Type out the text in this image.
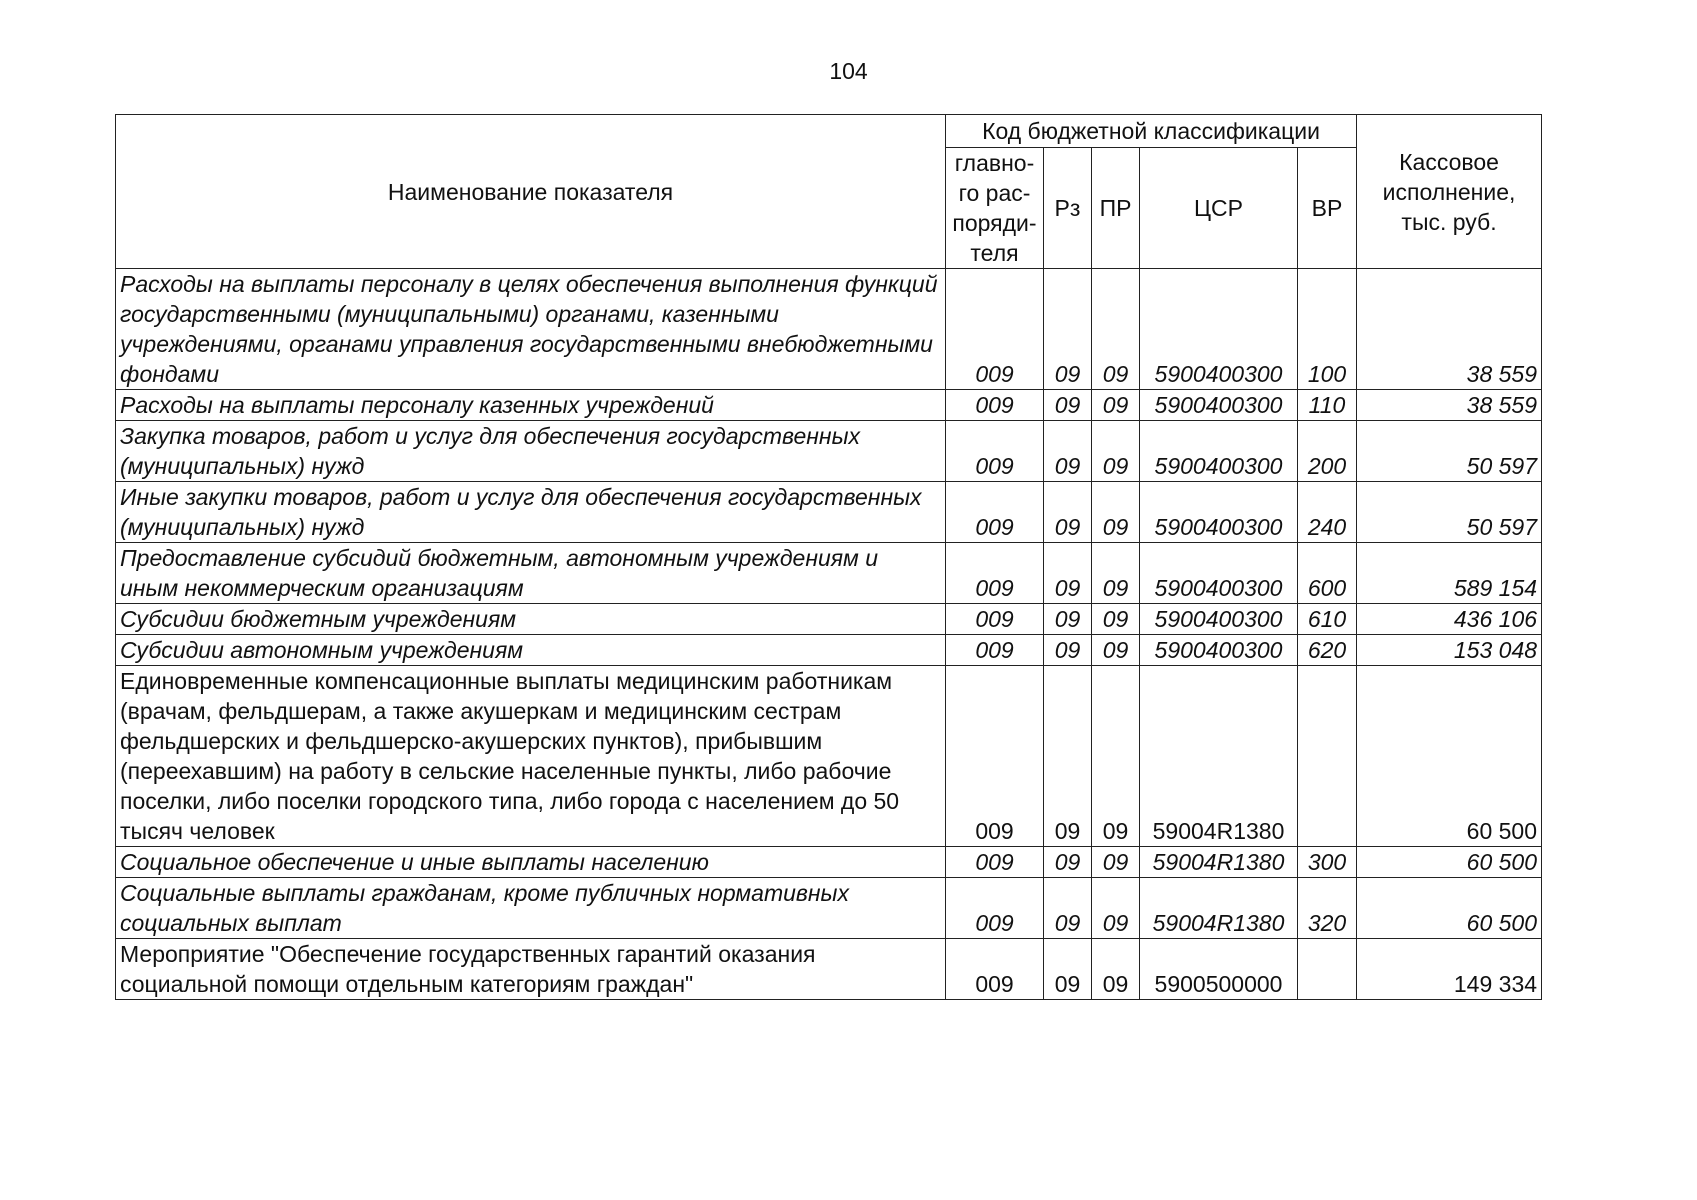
104
Наименование показателя	Код бюджетной классификации					Кассовое исполнение, тыс. руб.
	главно-го рас-поряди-теля	Рз	ПР	ЦСР	ВР	
Расходы на выплаты персоналу в целях обеспечения выполнения функций государственными (муниципальными) органами, казенными учреждениями, органами управления государственными внебюджетными фондами	009	09	09	5900400300	100	38 559
Расходы на выплаты персоналу казенных учреждений	009	09	09	5900400300	110	38 559
Закупка товаров, работ и услуг для обеспечения государственных (муниципальных) нужд	009	09	09	5900400300	200	50 597
Иные закупки товаров, работ и услуг для обеспечения государственных (муниципальных) нужд	009	09	09	5900400300	240	50 597
Предоставление субсидий бюджетным, автономным учреждениям и иным некоммерческим организациям	009	09	09	5900400300	600	589 154
Субсидии бюджетным учреждениям	009	09	09	5900400300	610	436 106
Субсидии автономным учреждениям	009	09	09	5900400300	620	153 048
Единовременные компенсационные выплаты медицинским работникам (врачам, фельдшерам, а также акушеркам и медицинским сестрам фельдшерских и фельдшерско-акушерских пунктов), прибывшим (переехавшим) на работу в сельские населенные пункты, либо рабочие поселки, либо поселки городского типа, либо города с населением до 50 тысяч человек	009	09	09	59004R1380		60 500
Социальное обеспечение и иные выплаты населению	009	09	09	59004R1380	300	60 500
Социальные выплаты гражданам, кроме публичных нормативных социальных выплат	009	09	09	59004R1380	320	60 500
Мероприятие "Обеспечение государственных гарантий оказания социальной помощи отдельным категориям граждан"	009	09	09	5900500000		149 334
